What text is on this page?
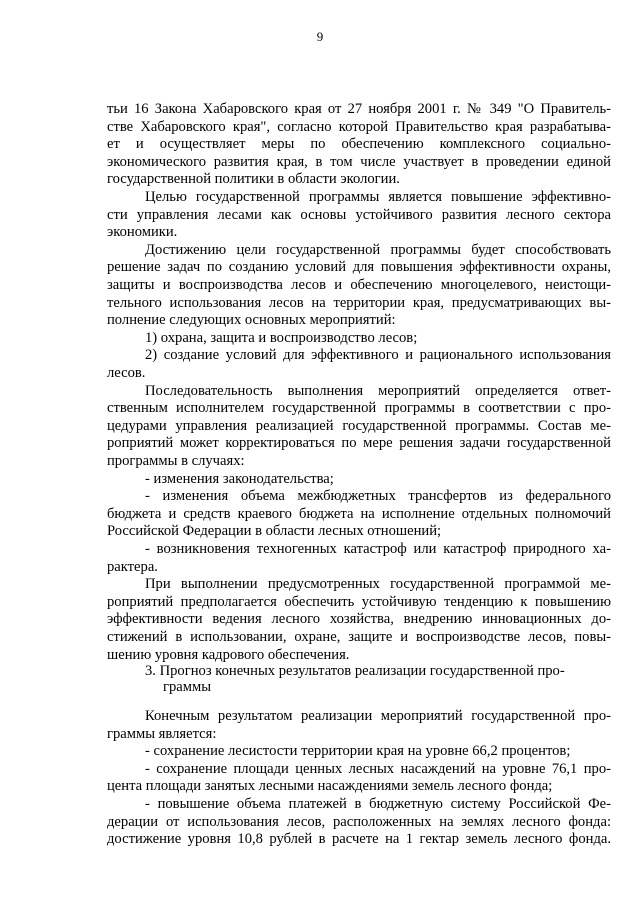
9

тьи 16 Закона Хабаровского края от 27 ноября 2001 г. № 349 "О Правитель-

стве Хабаровского края", согласно которой Правительство края разрабатыва-

ет и осуществляет меры по обеспечению комплексного социально-

экономического развития края, в том числе участвует в проведении единой

государственной политики в области экологии.

Целью государственной программы является повышение эффективно-

сти управления лесами как основы устойчивого развития лесного сектора

экономики.

Достижению цели государственной программы будет способствовать

решение задач по созданию условий для повышения эффективности охраны,

защиты и воспроизводства лесов и обеспечению многоцелевого, неистощи-

тельного использования лесов на территории края, предусматривающих вы-

полнение следующих основных мероприятий:

1) охрана, защита и воспроизводство лесов;

2) создание условий для эффективного и рационального использования

лесов.

Последовательность выполнения мероприятий определяется ответ-

ственным исполнителем государственной программы в соответствии с про-

цедурами управления реализацией государственной программы. Состав ме-

роприятий может корректироваться по мере решения задачи государственной

программы в случаях:

- изменения законодательства;

- изменения объема межбюджетных трансфертов из федерального

бюджета и средств краевого бюджета на исполнение отдельных полномочий

Российской Федерации в области лесных отношений;

- возникновения техногенных катастроф или катастроф природного ха-

рактера.

При выполнении предусмотренных государственной программой ме-

роприятий предполагается обеспечить устойчивую тенденцию к повышению

эффективности ведения лесного хозяйства, внедрению инновационных до-

стижений в использовании, охране, защите и воспроизводстве лесов, повы-

шению уровня кадрового обеспечения.

3. Прогноз конечных результатов реализации государственной про-
граммы

Конечным результатом реализации мероприятий государственной про-

граммы является:

- сохранение лесистости территории края на уровне 66,2 процентов;

- сохранение площади ценных лесных насаждений на уровне 76,1 про-

цента площади занятых лесными насаждениями земель лесного фонда;

- повышение объема платежей в бюджетную систему Российской Фе-

дерации от использования лесов, расположенных на землях лесного фонда:

достижение уровня 10,8 рублей в расчете на 1 гектар земель лесного фонда.
